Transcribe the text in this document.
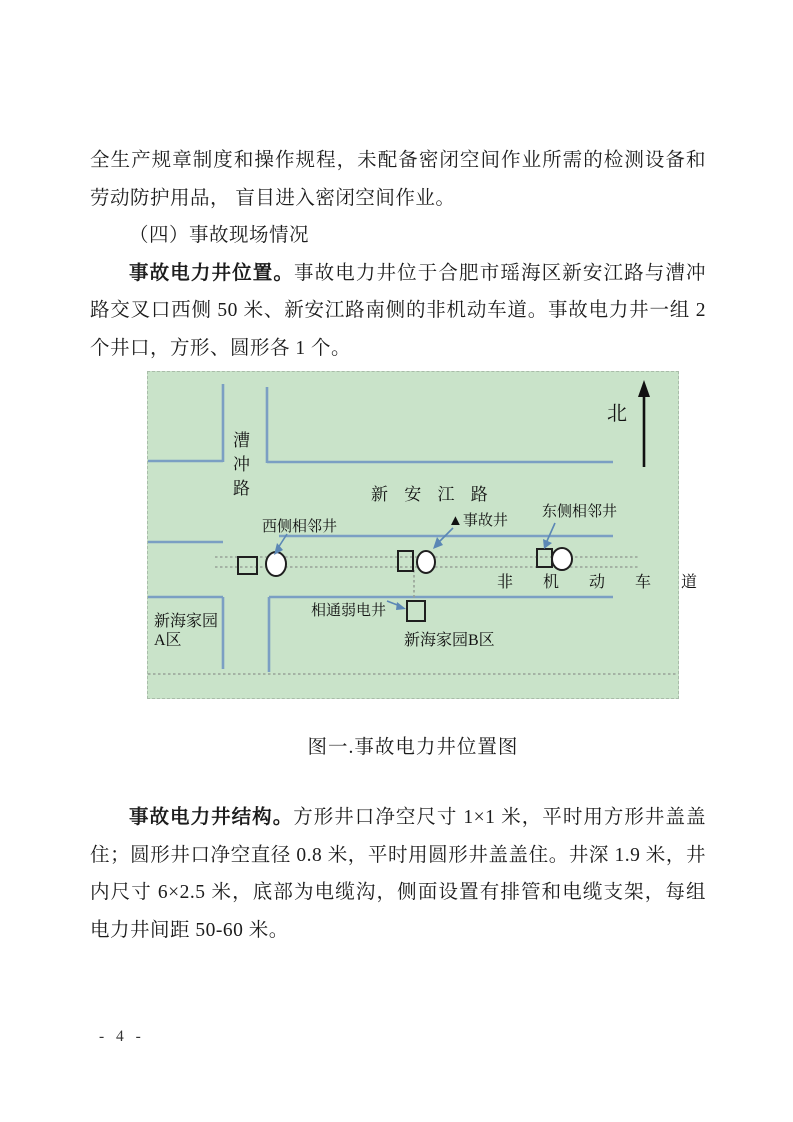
全生产规章制度和操作规程，未配备密闭空间作业所需的检测设备和劳动防护用品， 盲目进入密闭空间作业。

（四）事故现场情况

事故电力井位置。事故电力井位于合肥市瑶海区新安江路与漕冲路交叉口西侧 50 米、新安江路南侧的非机动车道。事故电力井一组 2 个井口，方形、圆形各 1 个。

北
漕冲路	新 安 江 路
西侧相邻井	▲事故井
东侧相邻井
非 机 动 车 道
相通弱电井
新海家园A区	新海家园B区
图一.事故电力井位置图

事故电力井结构。方形井口净空尺寸 1×1 米，平时用方形井盖盖住；圆形井口净空直径 0.8 米，平时用圆形井盖盖住。井深 1.9 米，井内尺寸 6×2.5 米，底部为电缆沟，侧面设置有排管和电缆支架，每组电力井间距 50-60 米。

- 4 -
